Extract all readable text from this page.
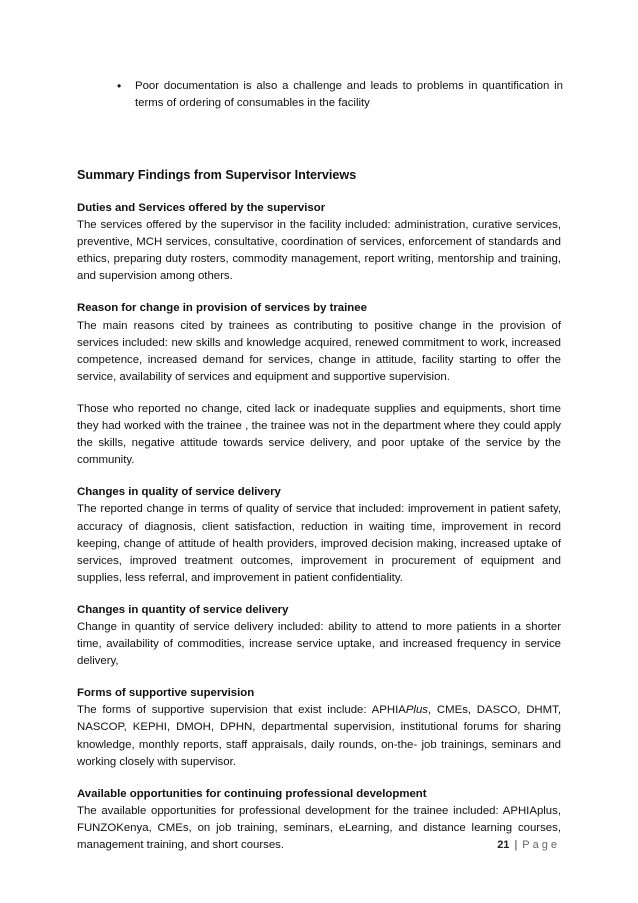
•	Poor documentation is also a challenge and leads to problems in quantification in terms of ordering of consumables in the facility

Summary Findings from Supervisor Interviews

Duties and Services offered by the supervisor

The services offered by the supervisor in the facility included: administration, curative services, preventive, MCH services, consultative, coordination of services, enforcement of standards and ethics, preparing duty rosters, commodity management, report writing, mentorship and training, and supervision among others.

Reason for change in provision of services by trainee

The main reasons cited by trainees as contributing to positive change in the provision of services included: new skills and knowledge acquired, renewed commitment to work, increased competence, increased demand for services, change in attitude, facility starting to offer the service, availability of services and equipment and supportive supervision.

Those who reported no change, cited lack or inadequate supplies and equipments, short time they had worked with the trainee , the trainee was not in the department where they could apply the skills, negative attitude towards service delivery, and poor uptake of the service by the community.

Changes in quality of service delivery

The reported change in terms of quality of service that included: improvement in patient safety, accuracy of diagnosis, client satisfaction, reduction in waiting time, improvement in record keeping, change of attitude of health providers, improved decision making, increased uptake of services, improved treatment outcomes, improvement in procurement of equipment and supplies, less referral, and improvement in patient confidentiality.

Changes in quantity of service delivery

Change in quantity of service delivery included: ability to attend to more patients in a shorter time, availability of commodities, increase service uptake, and increased frequency in service delivery,

Forms of supportive supervision

The forms of supportive supervision that exist include: APHIAPlus, CMEs, DASCO, DHMT, NASCOP, KEPHI, DMOH, DPHN, departmental supervision, institutional forums for sharing knowledge, monthly reports, staff appraisals, daily rounds, on-the- job trainings, seminars and working closely with supervisor.

Available opportunities for continuing professional development

The available opportunities for professional development for the trainee included: APHIAplus, FUNZOKenya, CMEs, on job training, seminars, eLearning, and distance learning courses, management training, and short courses.	21 | Page
